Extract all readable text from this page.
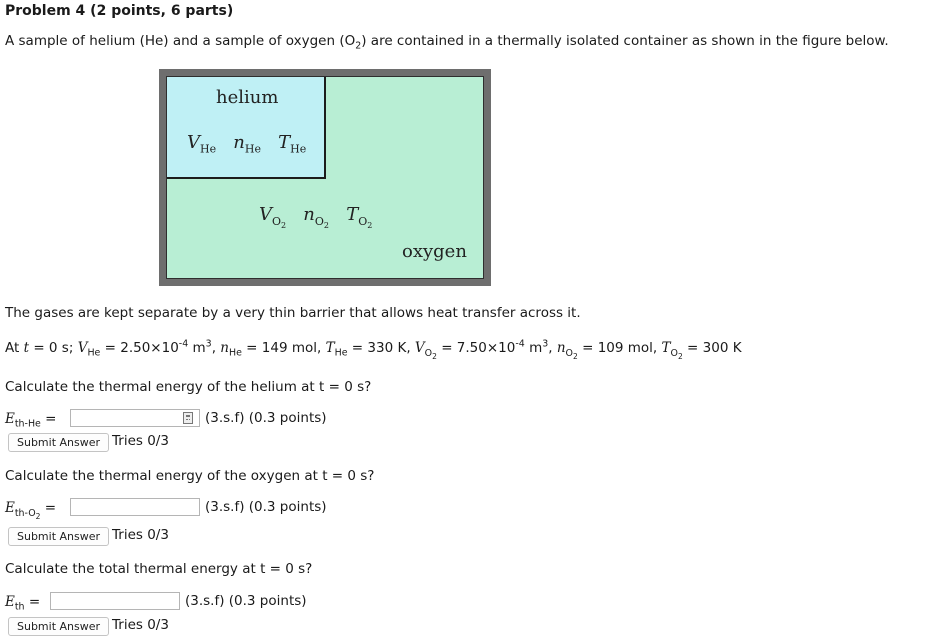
Problem 4 (2 points, 6 parts)
A sample of helium (He) and a sample of oxygen $(O_2)$ are contained in a thermally isolated container as shown in the figure below.
helium
$V_{He}$ $n_{He}$ $T_{He}$
$V_{O_2}$   $n_{O_2}$   $T_{O_2}$
oxygen
The gases are kept separate by a very thin barrier that allows heat transfer across it.
At t = 0 s; $V_{He} = 2.50\times 10^{-4}$ $m^3$, $n_{He} = 149$ mol, $T_{He} = 330$ K, $V_{O_2} = 7.50\times 10^{-4}$ $m^3$, $n_{O_2} = 109$ mol, $T_{O_2} = 300$ K
Calculate the thermal energy of the helium at t = 0 s?
$E_{th-He}$ =	(3.s.f) (0.3 points)
Submit Answer Tries 0/3
Calculate the thermal energy of the oxygen at t = 0 s?
$E_{th-O_2}$ =	(3.s.f) (0.3 points)
Submit Answer Tries 0/3
Calculate the total thermal energy at t = 0 s?
$E_{th}$ =	(3.s.f) (0.3 points)
Submit Answer Tries 0/3
